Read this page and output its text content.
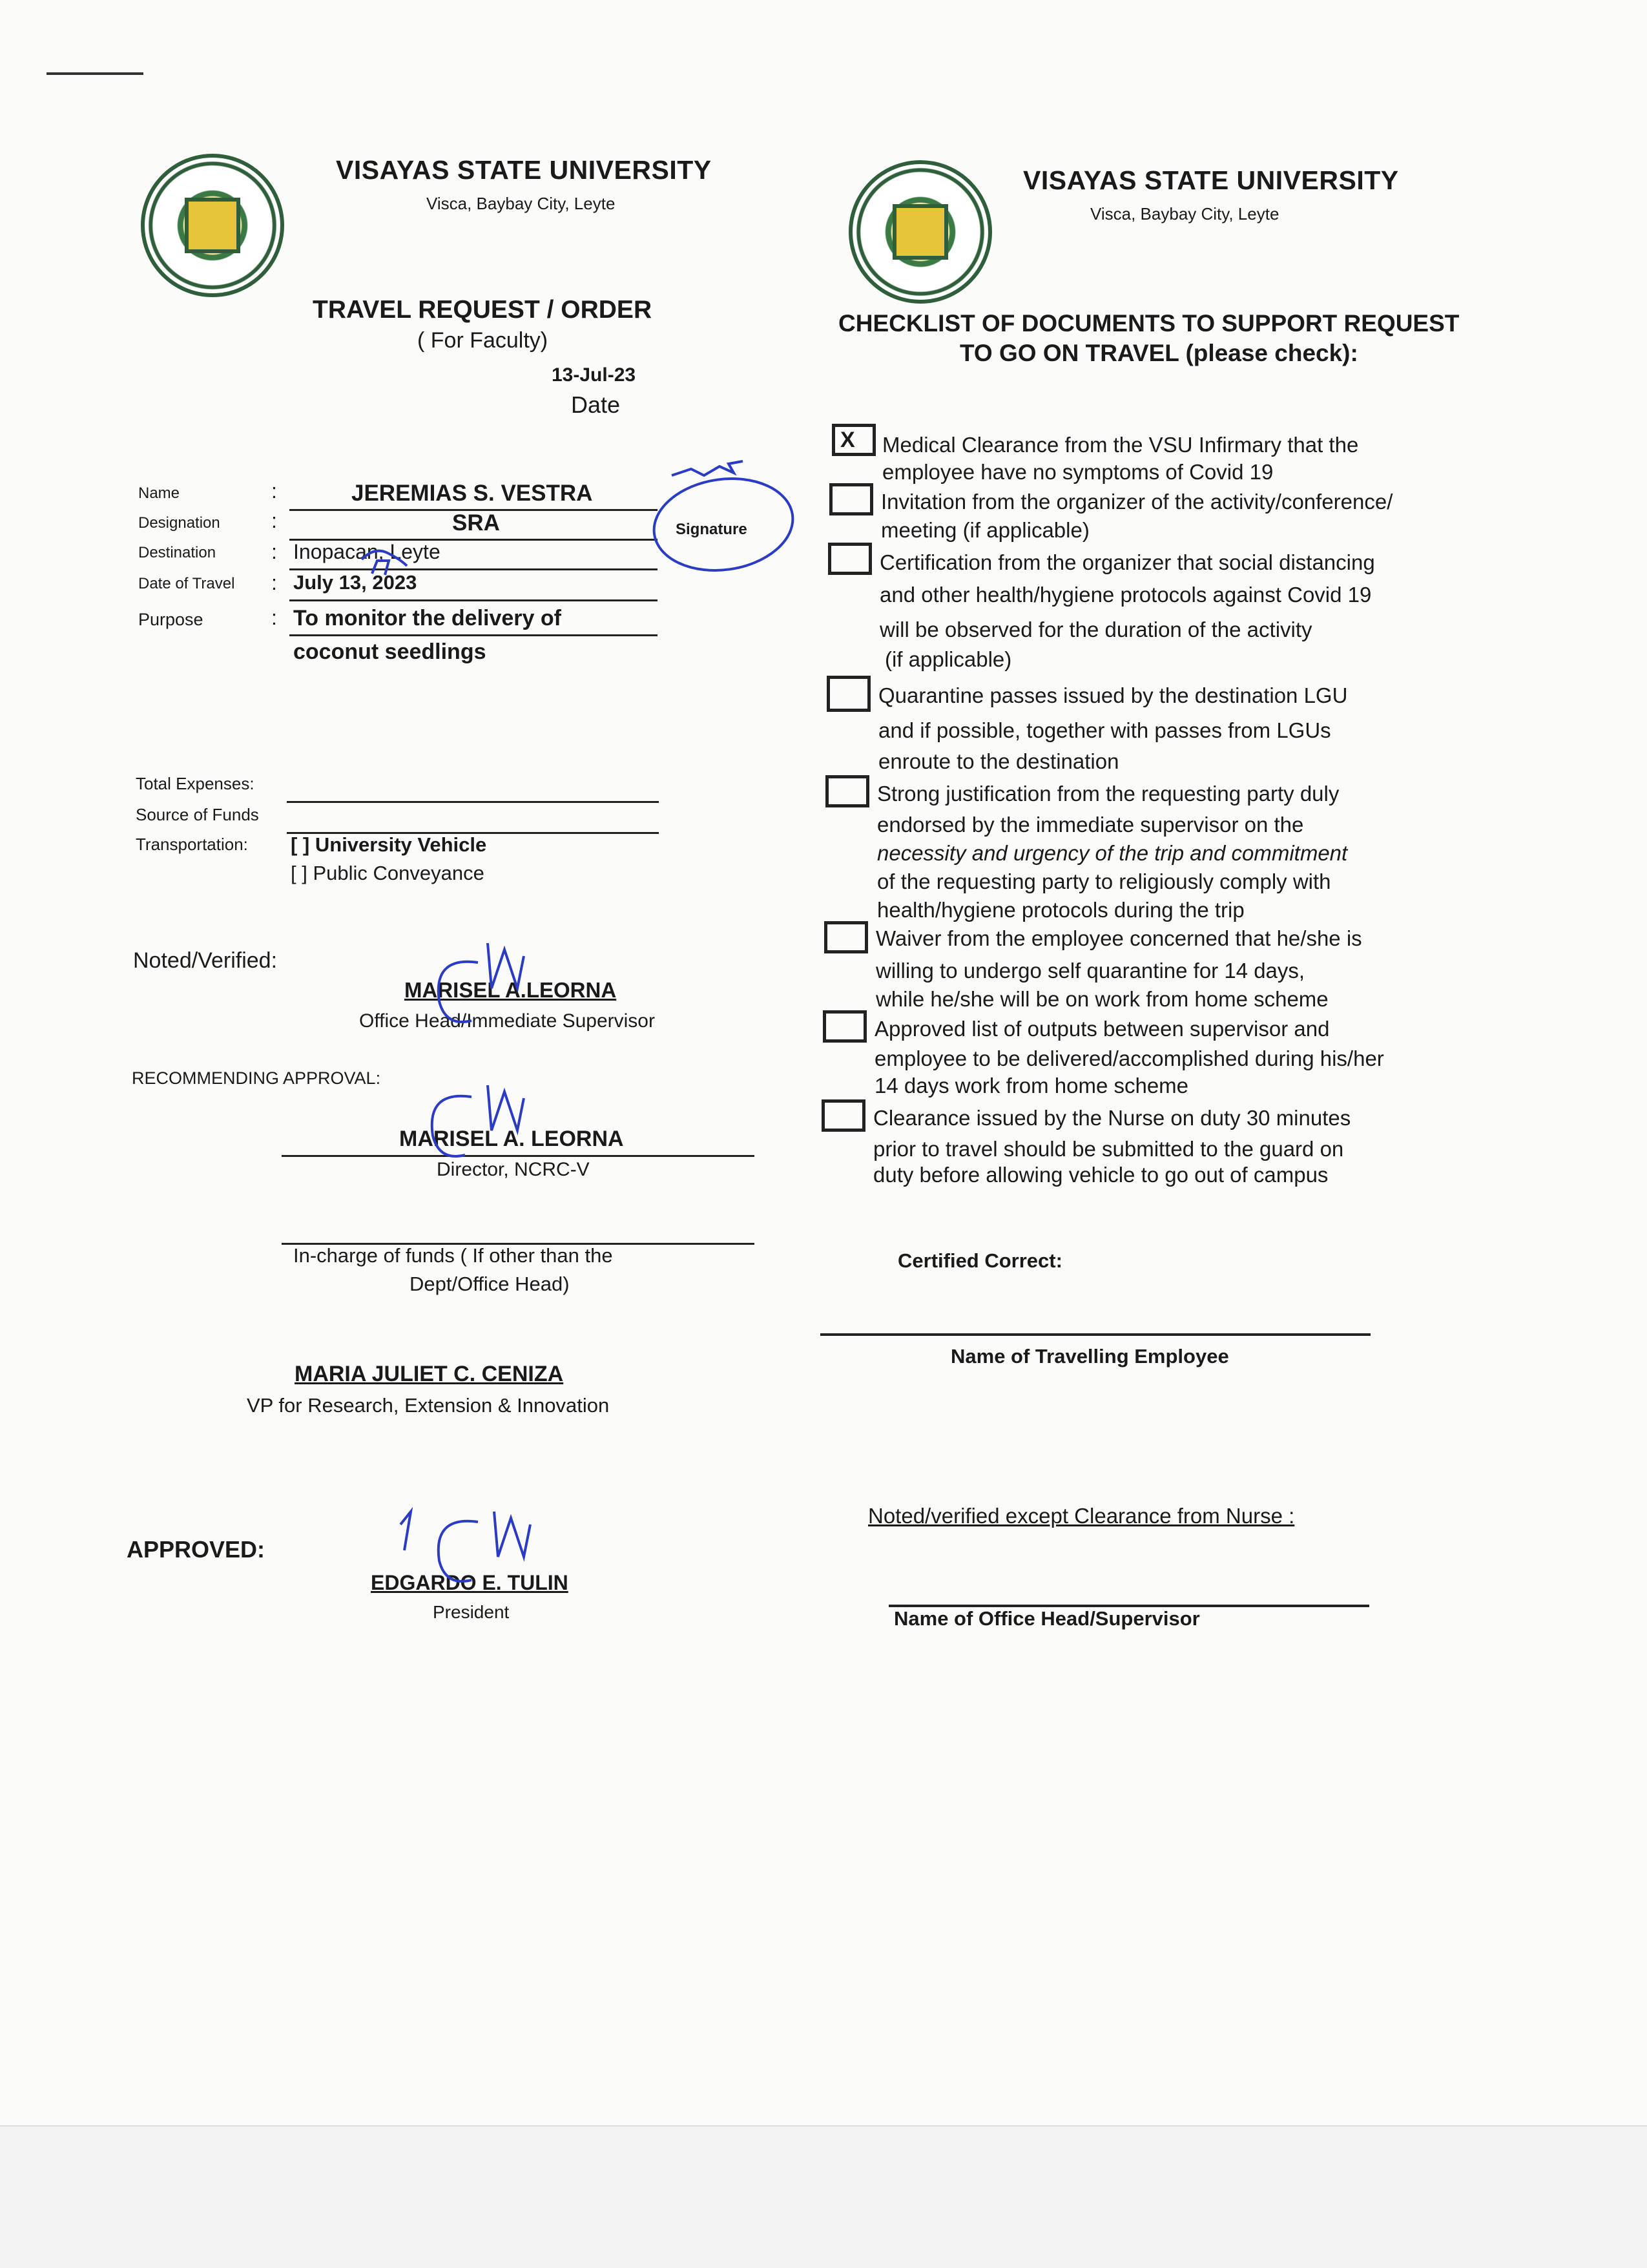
VISAYAS STATE UNIVERSITY
Visca, Baybay City, Leyte
TRAVEL REQUEST / ORDER
( For Faculty)
13-Jul-23
Date
Name
Designation
Destination
Date of Travel
Purpose
:
:
:
:
:
JEREMIAS S. VESTRA
SRA
Inopacan, Leyte
July 13, 2023
To monitor the delivery of
coconut seedlings
Signature
Total Expenses:
Source of Funds
Transportation: [ ] University Vehicle
[ ] Public Conveyance
Noted/Verified:
MARISEL A.LEORNA
Office Head/Immediate Supervisor
RECOMMENDING APPROVAL:
MARISEL A. LEORNA
Director, NCRC-V
In-charge of funds ( If other than the
Dept/Office Head)
MARIA JULIET C. CENIZA
VP for Research, Extension & Innovation
APPROVED:
EDGARDO E. TULIN
President
VISAYAS STATE UNIVERSITY
Visca, Baybay City, Leyte
CHECKLIST OF DOCUMENTS TO SUPPORT REQUEST
TO GO ON TRAVEL (please check):
X	Medical Clearance from the VSU Infirmary that the
employee have no symptoms of Covid 19
Invitation from the organizer of the activity/conference/
meeting (if applicable)
Certification from the organizer that social distancing
and other health/hygiene protocols against Covid 19
will be observed for the duration of the activity
(if applicable)
Quarantine passes issued by the destination LGU
and if possible, together with passes from LGUs
enroute to the destination
Strong justification from the requesting party duly
endorsed by the immediate supervisor on the
necessity and urgency of the trip and commitment
of the requesting party to religiously comply with
health/hygiene protocols during the trip
Waiver from the employee concerned that he/she is
willing to undergo self quarantine for 14 days,
while he/she will be on work from home scheme
Approved list of outputs between supervisor and
employee to be delivered/accomplished during his/her
14 days work from home scheme
Clearance issued by the Nurse on duty 30 minutes
prior to travel should be submitted to the guard on
duty before allowing vehicle to go out of campus
Certified Correct:
Name of Travelling Employee
Noted/verified except Clearance from Nurse :
Name of Office Head/Supervisor
